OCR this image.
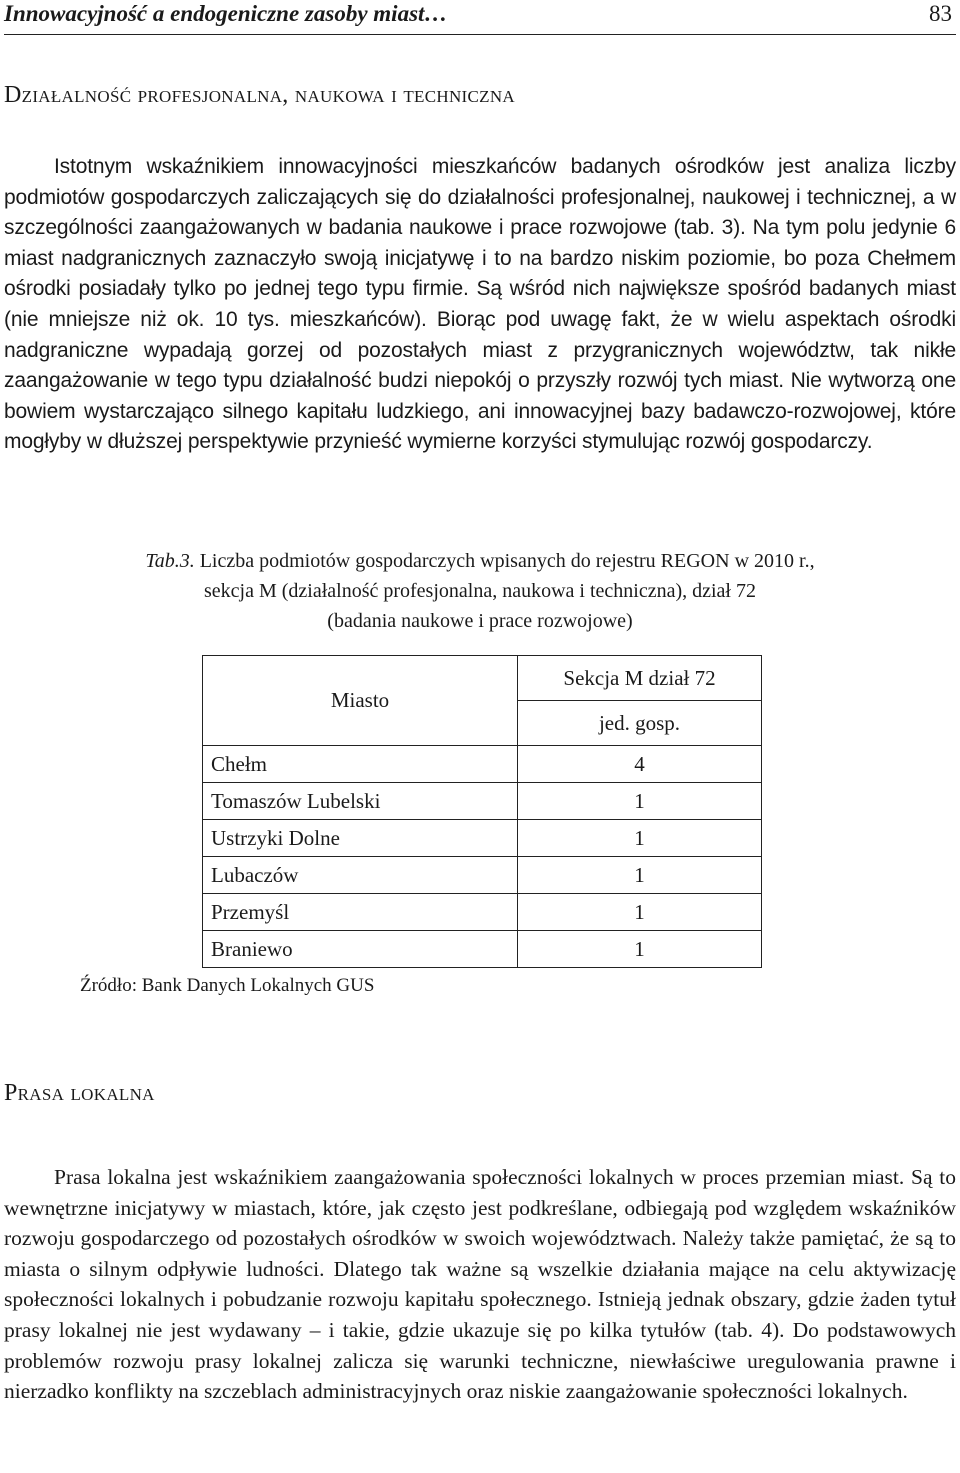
Innowacyjność a endogeniczne zasoby miast…	83
Działalność profesjonalna, naukowa i techniczna

Istotnym wskaźnikiem innowacyjności mieszkańców badanych ośrodków jest analiza liczby podmiotów gospodarczych zaliczających się do działalności profesjonalnej, naukowej i technicznej, a w szczególności zaangażowanych w badania naukowe i prace rozwojowe (tab. 3). Na tym polu jedynie 6 miast nadgranicznych zaznaczyło swoją inicjatywę i to na bardzo niskim poziomie, bo poza Chełmem ośrodki posiadały tylko po jednej tego typu firmie. Są wśród nich największe spośród badanych miast (nie mniejsze niż ok. 10 tys. mieszkańców). Biorąc pod uwagę fakt, że w wielu aspektach ośrodki nadgraniczne wypadają gorzej od pozostałych miast z przygranicznych województw, tak nikłe zaangażowanie w tego typu działalność budzi niepokój o przyszły rozwój tych miast. Nie wytworzą one bowiem wystarczająco silnego kapitału ludzkiego, ani innowacyjnej bazy badawczo-rozwojowej, które mogłyby w dłuższej perspektywie przynieść wymierne korzyści stymulując rozwój gospodarczy.

Tab.3. Liczba podmiotów gospodarczych wpisanych do rejestru REGON w 2010 r.,
sekcja M (działalność profesjonalna, naukowa i techniczna), dział 72
(badania naukowe i prace rozwojowe)
Miasto	Sekcja M dział 72
jed. gosp.

Chełm	4
Tomaszów Lubelski	1
Ustrzyki Dolne	1
Lubaczów	1
Przemyśl	1
Braniewo	1
Źródło: Bank Danych Lokalnych GUS
Prasa lokalna

Prasa lokalna jest wskaźnikiem zaangażowania społeczności lokalnych w proces przemian miast. Są to wewnętrzne inicjatywy w miastach, które, jak często jest podkreślane, odbiegają pod względem wskaźników rozwoju gospodarczego od pozostałych ośrodków w swoich województwach. Należy także pamiętać, że są to miasta o silnym odpływie ludności. Dlatego tak ważne są wszelkie działania mające na celu aktywizację społeczności lokalnych i pobudzanie rozwoju kapitału społecznego. Istnieją jednak obszary, gdzie żaden tytuł prasy lokalnej nie jest wydawany – i takie, gdzie ukazuje się po kilka tytułów (tab. 4). Do podstawowych problemów rozwoju prasy lokalnej zalicza się warunki techniczne, niewłaściwe uregulowania prawne i nierzadko konflikty na szczeblach administracyjnych oraz niskie zaangażowanie społeczności lokalnych.
